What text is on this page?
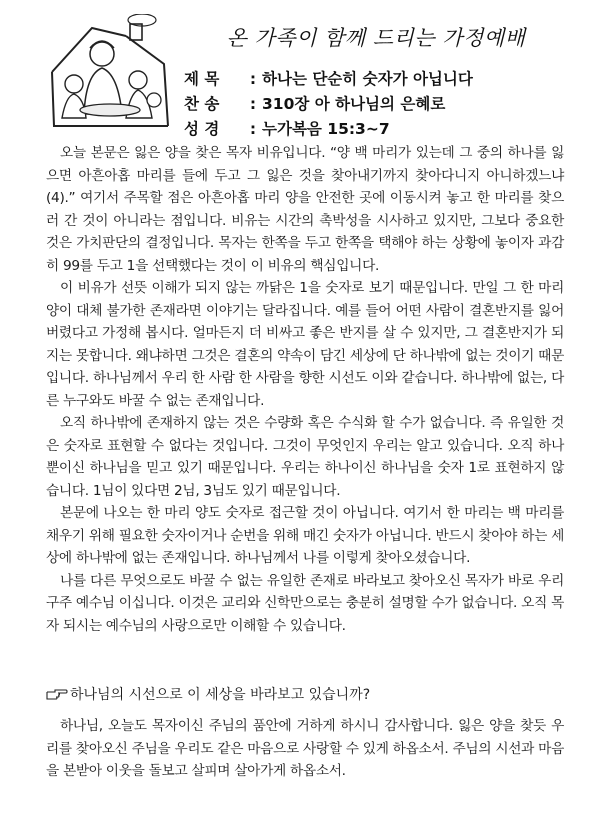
온 가족이 함께 드리는 가정예배
제 목	: 하나는 단순히 숫자가 아닙니다
찬 송	: 310장 아 하나님의 은혜로
성 경	: 누가복음 15:3~7

오늘 본문은 잃은 양을 찾은 목자 비유입니다. “양 백 마리가 있는데 그 중의 하나를 잃으면 아흔아홉 마리를 들에 두고 그 잃은 것을 찾아내기까지 찾아다니지 아니하겠느냐(4).” 여기서 주목할 점은 아흔아홉 마리 양을 안전한 곳에 이동시켜 놓고 한 마리를 찾으러 간 것이 아니라는 점입니다. 비유는 시간의 촉박성을 시사하고 있지만, 그보다 중요한 것은 가치판단의 결정입니다. 목자는 한쪽을 두고 한쪽을 택해야 하는 상황에 놓이자 과감히 99를 두고 1을 선택했다는 것이 이 비유의 핵심입니다.

이 비유가 선뜻 이해가 되지 않는 까닭은 1을 숫자로 보기 때문입니다. 만일 그 한 마리 양이 대체 불가한 존재라면 이야기는 달라집니다. 예를 들어 어떤 사람이 결혼반지를 잃어버렸다고 가정해 봅시다. 얼마든지 더 비싸고 좋은 반지를 살 수 있지만, 그 결혼반지가 되지는 못합니다. 왜냐하면 그것은 결혼의 약속이 담긴 세상에 단 하나밖에 없는 것이기 때문입니다. 하나님께서 우리 한 사람 한 사람을 향한 시선도 이와 같습니다. 하나밖에 없는, 다른 누구와도 바꿀 수 없는 존재입니다.

오직 하나밖에 존재하지 않는 것은 수량화 혹은 수식화 할 수가 없습니다. 즉 유일한 것은 숫자로 표현할 수 없다는 것입니다. 그것이 무엇인지 우리는 알고 있습니다. 오직 하나뿐이신 하나님을 믿고 있기 때문입니다. 우리는 하나이신 하나님을 숫자 1로 표현하지 않습니다. 1님이 있다면 2님, 3님도 있기 때문입니다.

본문에 나오는 한 마리 양도 숫자로 접근할 것이 아닙니다. 여기서 한 마리는 백 마리를 채우기 위해 필요한 숫자이거나 순번을 위해 매긴 숫자가 아닙니다. 반드시 찾아야 하는 세상에 하나밖에 없는 존재입니다. 하나님께서 나를 이렇게 찾아오셨습니다.

나를 다른 무엇으로도 바꿀 수 없는 유일한 존재로 바라보고 찾아오신 목자가 바로 우리 구주 예수님 이십니다. 이것은 교리와 신학만으로는 충분히 설명할 수가 없습니다. 오직 목자 되시는 예수님의 사랑으로만 이해할 수 있습니다.

하나님의 시선으로 이 세상을 바라보고 있습니까?

하나님, 오늘도 목자이신 주님의 품안에 거하게 하시니 감사합니다. 잃은 양을 찾듯 우리를 찾아오신 주님을 우리도 같은 마음으로 사랑할 수 있게 하옵소서. 주님의 시선과 마음을 본받아 이웃을 돌보고 살피며 살아가게 하옵소서.
